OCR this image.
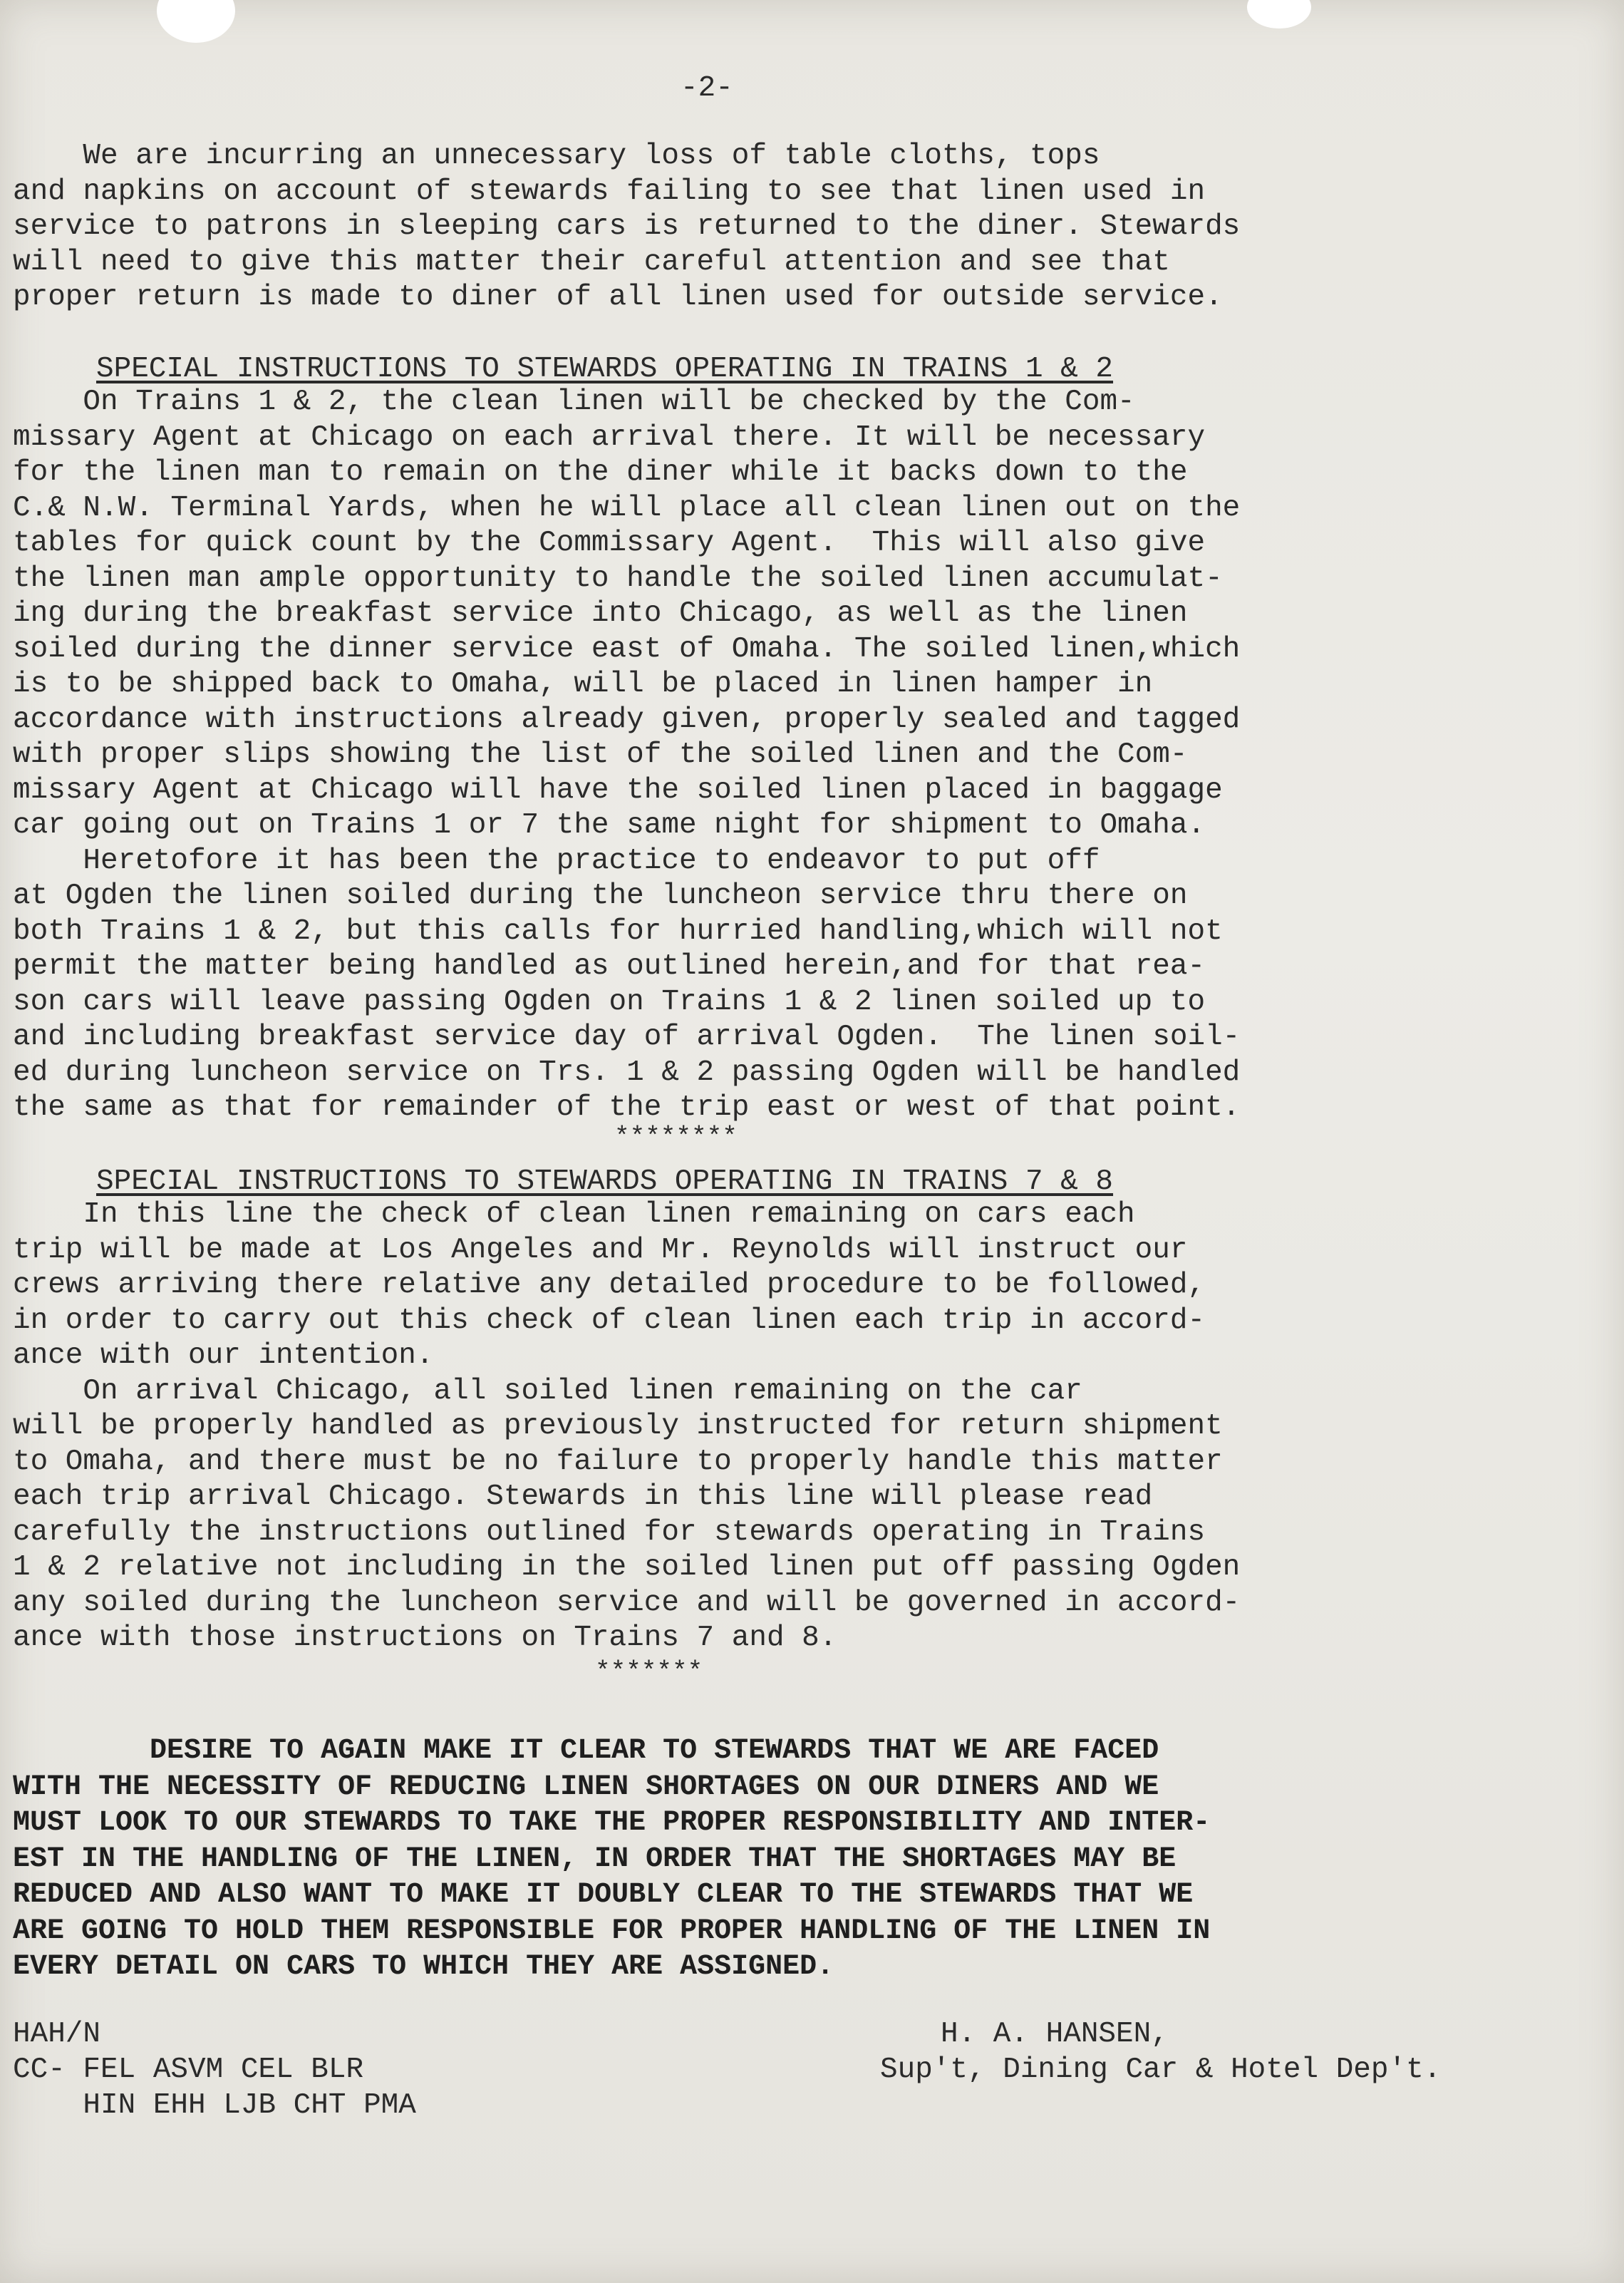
-2-
We are incurring an unnecessary loss of table cloths, tops
and napkins on account of stewards failing to see that linen used in
service to patrons in sleeping cars is returned to the diner. Stewards
will need to give this matter their careful attention and see that
proper return is made to diner of all linen used for outside service.
SPECIAL INSTRUCTIONS TO STEWARDS OPERATING IN TRAINS 1 & 2
On Trains 1 & 2, the clean linen will be checked by the Com-
missary Agent at Chicago on each arrival there. It will be necessary
for the linen man to remain on the diner while it backs down to the
C.& N.W. Terminal Yards, when he will place all clean linen out on the
tables for quick count by the Commissary Agent.  This will also give
the linen man ample opportunity to handle the soiled linen accumulat-
ing during the breakfast service into Chicago, as well as the linen
soiled during the dinner service east of Omaha. The soiled linen,which
is to be shipped back to Omaha, will be placed in linen hamper in
accordance with instructions already given, properly sealed and tagged
with proper slips showing the list of the soiled linen and the Com-
missary Agent at Chicago will have the soiled linen placed in baggage
car going out on Trains 1 or 7 the same night for shipment to Omaha.
Heretofore it has been the practice to endeavor to put off
at Ogden the linen soiled during the luncheon service thru there on
both Trains 1 & 2, but this calls for hurried handling,which will not
permit the matter being handled as outlined herein,and for that rea-
son cars will leave passing Ogden on Trains 1 & 2 linen soiled up to
and including breakfast service day of arrival Ogden.  The linen soil-
ed during luncheon service on Trs. 1 & 2 passing Ogden will be handled
the same as that for remainder of the trip east or west of that point.
********
SPECIAL INSTRUCTIONS TO STEWARDS OPERATING IN TRAINS 7 & 8
In this line the check of clean linen remaining on cars each
trip will be made at Los Angeles and Mr. Reynolds will instruct our
crews arriving there relative any detailed procedure to be followed,
in order to carry out this check of clean linen each trip in accord-
ance with our intention.
On arrival Chicago, all soiled linen remaining on the car
will be properly handled as previously instructed for return shipment
to Omaha, and there must be no failure to properly handle this matter
each trip arrival Chicago. Stewards in this line will please read
carefully the instructions outlined for stewards operating in Trains
1 & 2 relative not including in the soiled linen put off passing Ogden
any soiled during the luncheon service and will be governed in accord-
ance with those instructions on Trains 7 and 8.
*******
DESIRE TO AGAIN MAKE IT CLEAR TO STEWARDS THAT WE ARE FACED
WITH THE NECESSITY OF REDUCING LINEN SHORTAGES ON OUR DINERS AND WE
MUST LOOK TO OUR STEWARDS TO TAKE THE PROPER RESPONSIBILITY AND INTER-
EST IN THE HANDLING OF THE LINEN, IN ORDER THAT THE SHORTAGES MAY BE
REDUCED AND ALSO WANT TO MAKE IT DOUBLY CLEAR TO THE STEWARDS THAT WE
ARE GOING TO HOLD THEM RESPONSIBLE FOR PROPER HANDLING OF THE LINEN IN
EVERY DETAIL ON CARS TO WHICH THEY ARE ASSIGNED.
HAH/N
CC- FEL ASVM CEL BLR
HIN EHH LJB CHT PMA
H. A. HANSEN,
Sup't, Dining Car & Hotel Dep't.
